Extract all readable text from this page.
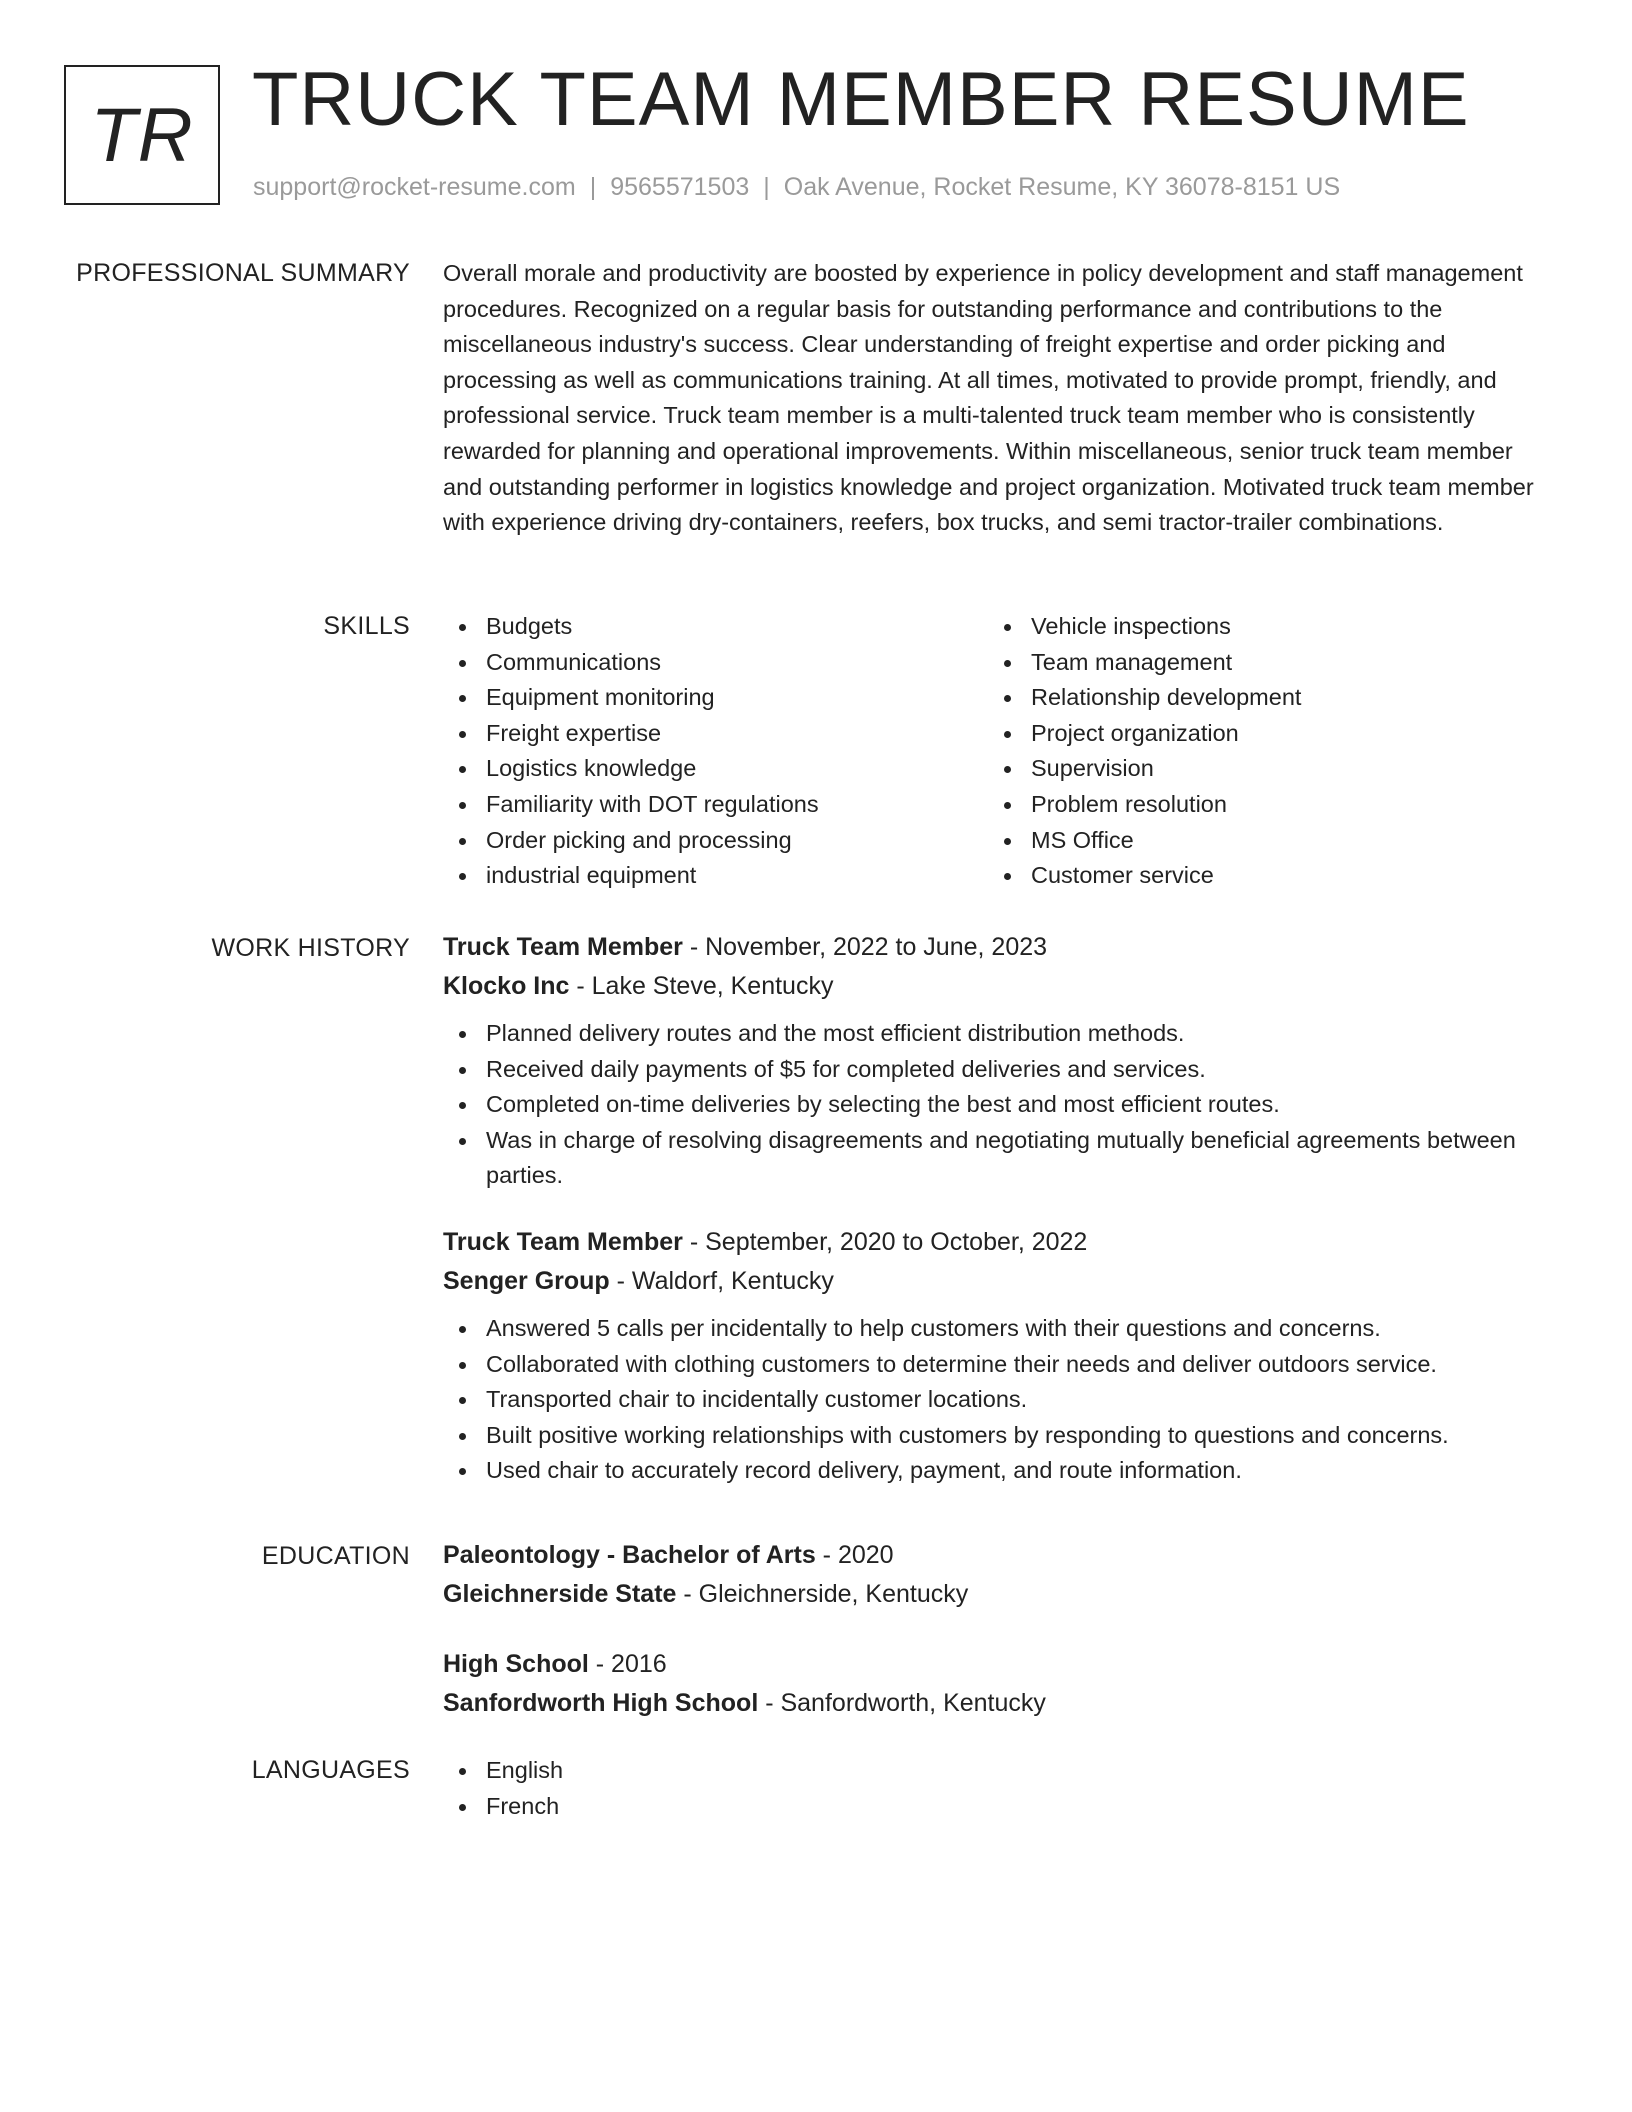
TR TRUCK TEAM MEMBER RESUME
support@rocket-resume.com | 9565571503 | Oak Avenue, Rocket Resume, KY 36078-8151 US
PROFESSIONAL SUMMARY Overall morale and productivity are boosted by experience in policy development and staff management procedures. Recognized on a regular basis for outstanding performance and contributions to the miscellaneous industry's success. Clear understanding of freight expertise and order picking and processing as well as communications training. At all times, motivated to provide prompt, friendly, and professional service. Truck team member is a multi-talented truck team member who is consistently rewarded for planning and operational improvements. Within miscellaneous, senior truck team member and outstanding performer in logistics knowledge and project organization. Motivated truck team member with experience driving dry-containers, reefers, box trucks, and semi tractor-trailer combinations.

SKILLS	Budgets
Communications
Equipment monitoring
Freight expertise
Logistics knowledge
Familiarity with DOT regulations
Order picking and processing
industrial equipment
Vehicle inspections
Team management
Relationship development
Project organization
Supervision
Problem resolution
MS Office
Customer service
WORK HISTORY Truck Team Member - November, 2022 to June, 2023
Klocko Inc - Lake Steve, Kentucky
Planned delivery routes and the most efficient distribution methods.
Received daily payments of $5 for completed deliveries and services.
Completed on-time deliveries by selecting the best and most efficient routes.
Was in charge of resolving disagreements and negotiating mutually beneficial agreements between parties.
Truck Team Member - September, 2020 to October, 2022
Senger Group - Waldorf, Kentucky
Answered 5 calls per incidentally to help customers with their questions and concerns.
Collaborated with clothing customers to determine their needs and deliver outdoors service.
Transported chair to incidentally customer locations.
Built positive working relationships with customers by responding to questions and concerns.
Used chair to accurately record delivery, payment, and route information.
EDUCATION Paleontology - Bachelor of Arts - 2020
Gleichnerside State - Gleichnerside, Kentucky
High School - 2016
Sanfordworth High School - Sanfordworth, Kentucky
LANGUAGES	English
French
